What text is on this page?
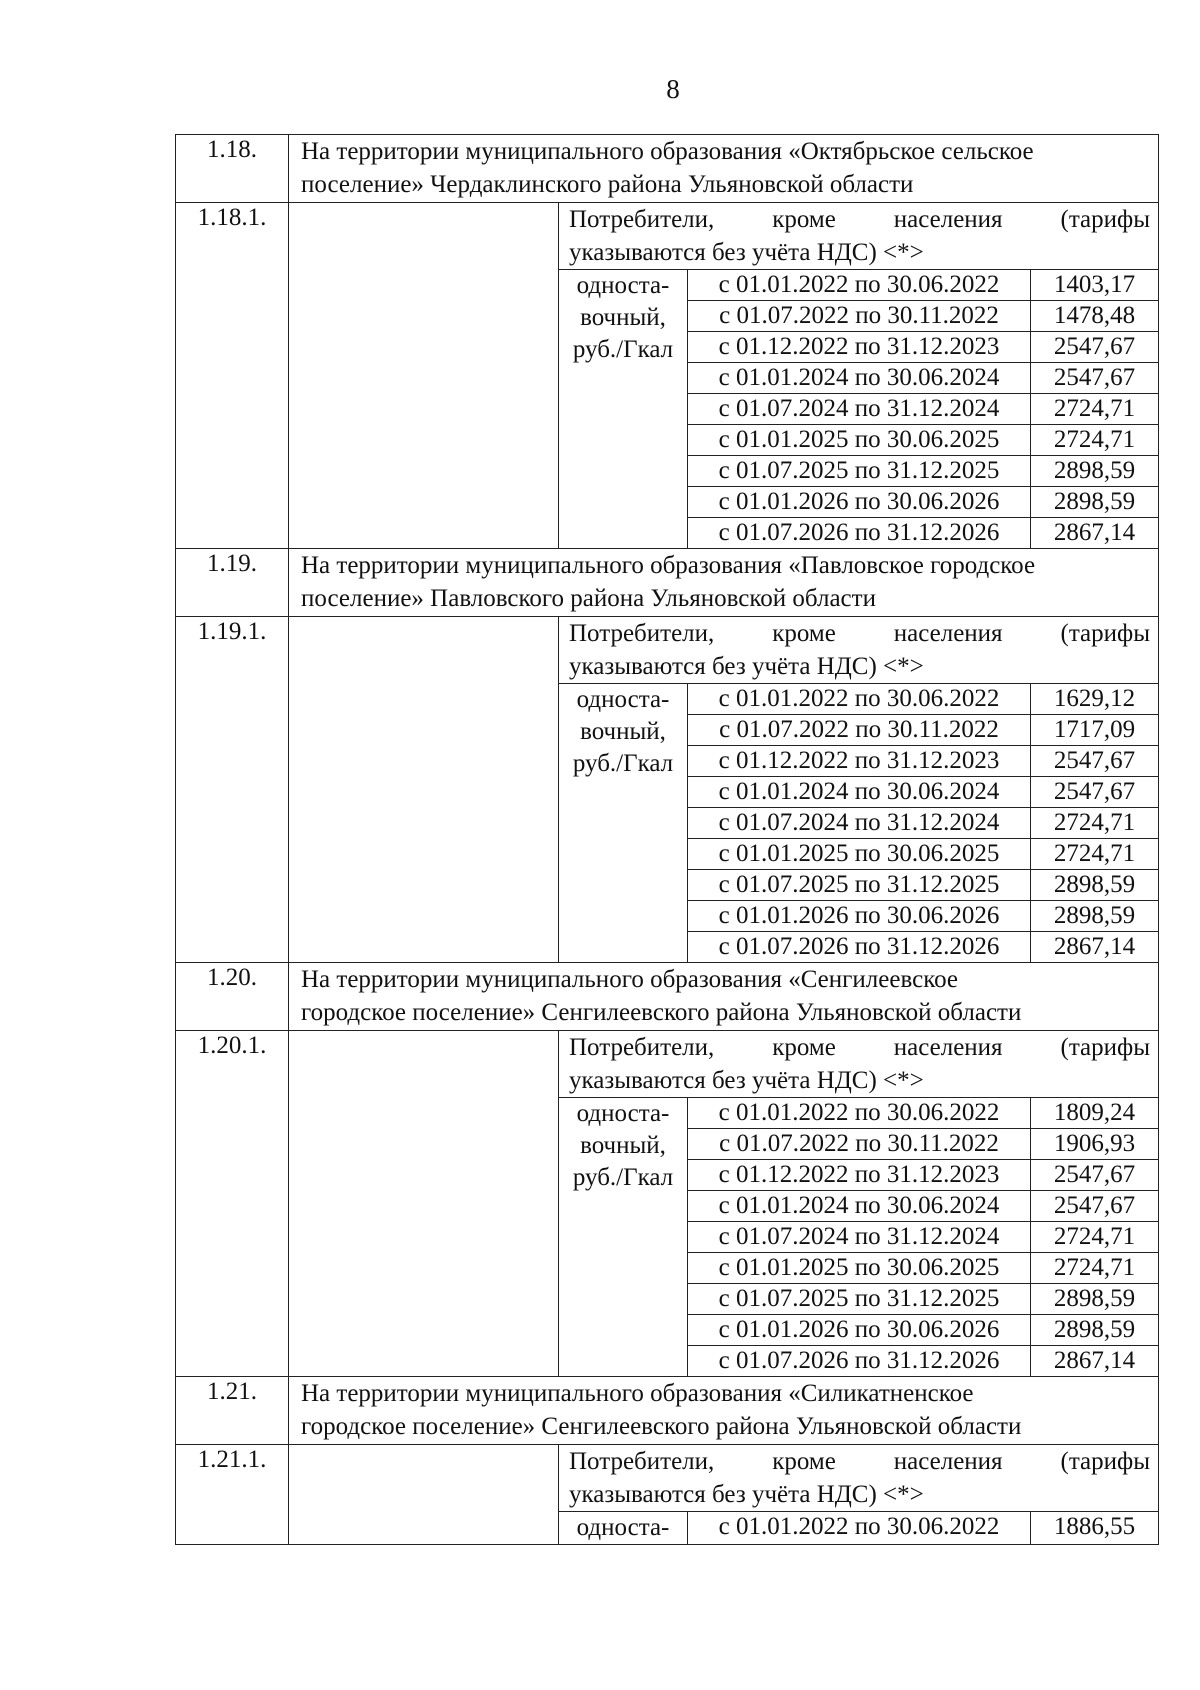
8
1.18.	На территории муниципального образования «Октябрьское сельское
поселение» Чердаклинского района Ульяновской области			

1.18.1.		Потребители, кроме населения (тарифы
указываются без учёта НДС) <*>		

		односта-
вочный,
руб./Гкал	с 01.01.2022 по 30.06.2022	1403,17
			с 01.07.2022 по 30.11.2022	1478,48
			с 01.12.2022 по 31.12.2023	2547,67
			с 01.01.2024 по 30.06.2024	2547,67
			с 01.07.2024 по 31.12.2024	2724,71
			с 01.01.2025 по 30.06.2025	2724,71
			с 01.07.2025 по 31.12.2025	2898,59
			с 01.01.2026 по 30.06.2026	2898,59
			с 01.07.2026 по 31.12.2026	2867,14
1.19.	На территории муниципального образования «Павловское городское
поселение» Павловского района Ульяновской области			

1.19.1.		Потребители, кроме населения (тарифы
указываются без учёта НДС) <*>		

		односта-
вочный,
руб./Гкал	с 01.01.2022 по 30.06.2022	1629,12
			с 01.07.2022 по 30.11.2022	1717,09
			с 01.12.2022 по 31.12.2023	2547,67
			с 01.01.2024 по 30.06.2024	2547,67
			с 01.07.2024 по 31.12.2024	2724,71
			с 01.01.2025 по 30.06.2025	2724,71
			с 01.07.2025 по 31.12.2025	2898,59
			с 01.01.2026 по 30.06.2026	2898,59
			с 01.07.2026 по 31.12.2026	2867,14
1.20.	На территории муниципального образования «Сенгилеевское
городское поселение» Сенгилеевского района Ульяновской области			

1.20.1.		Потребители, кроме населения (тарифы
указываются без учёта НДС) <*>		

		односта-
вочный,
руб./Гкал	с 01.01.2022 по 30.06.2022	1809,24
			с 01.07.2022 по 30.11.2022	1906,93
			с 01.12.2022 по 31.12.2023	2547,67
			с 01.01.2024 по 30.06.2024	2547,67
			с 01.07.2024 по 31.12.2024	2724,71
			с 01.01.2025 по 30.06.2025	2724,71
			с 01.07.2025 по 31.12.2025	2898,59
			с 01.01.2026 по 30.06.2026	2898,59
			с 01.07.2026 по 31.12.2026	2867,14
1.21.	На территории муниципального образования «Силикатненское
городское поселение» Сенгилеевского района Ульяновской области			

1.21.1.		Потребители, кроме населения (тарифы
указываются без учёта НДС) <*>		

		односта-	с 01.01.2022 по 30.06.2022	1886,55
